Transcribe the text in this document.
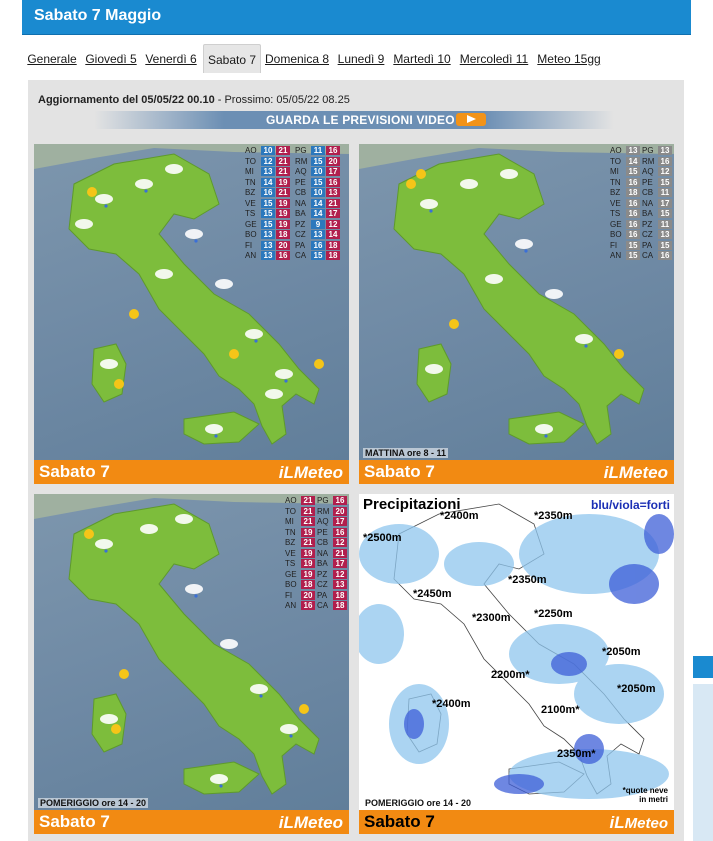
Sabato 7 Maggio
Generale Giovedì 5 Venerdì 6 Sabato 7 Domenica 8 Lunedì 9 Martedì 10 Mercoledì 11 Meteo 15gg
Aggiornamento del 05/05/22 00.10 - Prossimo: 05/05/22 08.25
GUARDA LE PREVISIONI VIDEO
AO 10 21 PG 11 16
TO 12 21 RM 15 20
MI	13 21 AQ 10 17
TN 14 19 PE 15 16
BZ	16 21 CB 10 13
VE 15 19 NA 14 21
TS	15 19 BA 14 17
GE 15 19 PZ	9	12
BO 13 18 CZ 13 14
FI	13 20 PA	16 18
AN 13 16 CA 15 18
Sabato 7	iLMeteo
AO 13 PG 13
TO 14 RM 16
MI	15 AQ 12
TN 16 PE 15
BZ	18 CB 11
VE 16 NA 17
TS	16 BA 15
GE 16 PZ	11
BO 16 CZ 13
FI	15 PA	15
AN 15 CA 16
MATTINA ore 8 - 11
Sabato 7	iLMeteo
AO 21 PG 16
TO 21 RM 20
MI	21 AQ 17
TN 19 PE 16
BZ	21 CB 12
VE 19 NA 21
TS	19 BA 17
GE 19 PZ	12
BO 18 CZ 13
FI	20 PA	18
AN 16 CA 18
POMERIGGIO ore 14 - 20
Sabato 7	iLMeteo
Precipitazioni	blu/viola=forti
*2400m	*2350m
*2500m
*2350m
*2450m
*2250m
*2300m
*2050m
2200m*
*2050m
*2400m	2100m*
2350m*
*quote neve
in metri
POMERIGGIO ore 14 - 20
Sabato 7	iLMeteo
